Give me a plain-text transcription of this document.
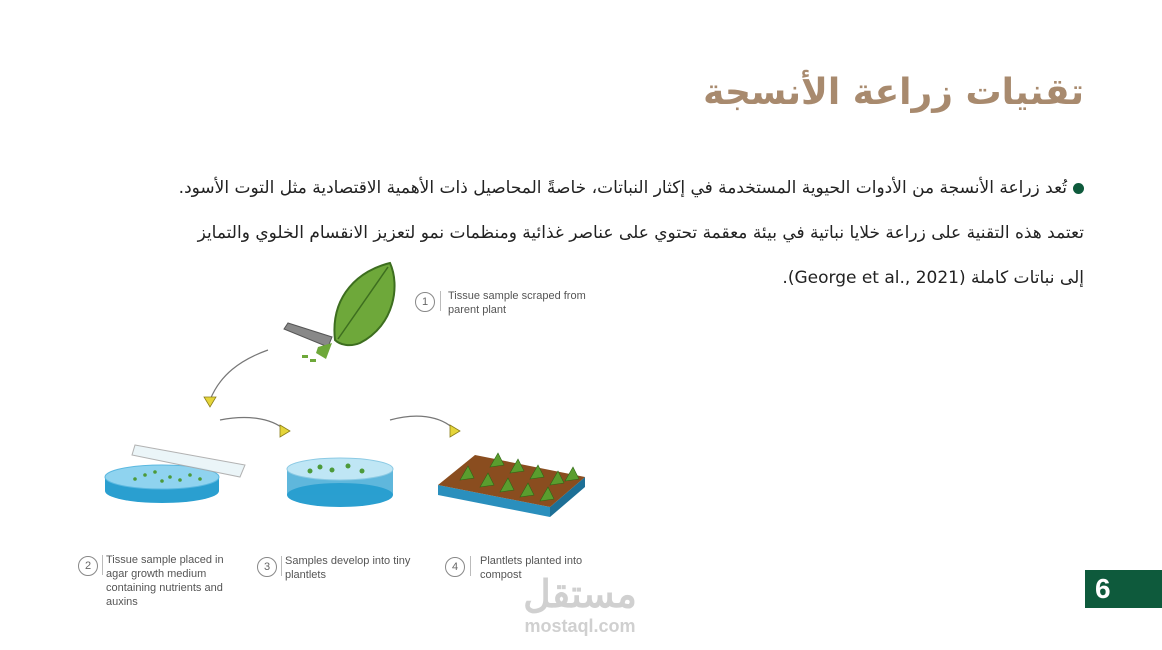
تقنيات زراعة الأنسجة
تُعد زراعة الأنسجة من الأدوات الحيوية المستخدمة في إكثار النباتات، خاصةً المحاصيل ذات الأهمية الاقتصادية مثل التوت الأسود.
تعتمد هذه التقنية على زراعة خلايا نباتية في بيئة معقمة تحتوي على عناصر غذائية ومنظمات نمو لتعزيز الانقسام الخلوي والتمايز
إلى نباتات كاملة (George et al., 2021).
1	Tissue sample scraped from parent plant
2	Tissue sample placed in agar growth medium containing nutrients and auxins
3	Samples develop into tiny plantlets
4	Plantlets planted into compost مستقل
mostaql.com
6
